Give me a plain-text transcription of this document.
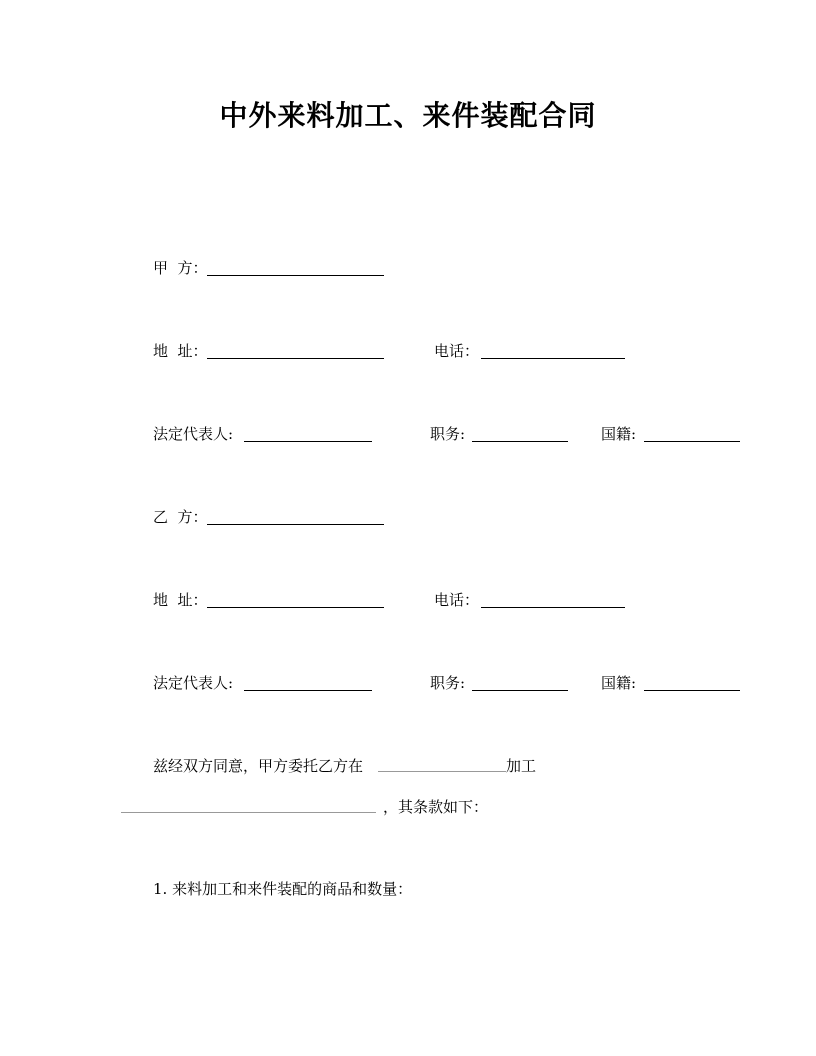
中外来料加工、来件装配合同
甲  方：
地  址：	电话：
法定代表人:	职务:	国籍:
乙  方：
地  址：	电话：
法定代表人:	职务:	国籍:
兹经双方同意，甲方委托乙方在	加工
，其条款如下：
1. 来料加工和来件装配的商品和数量：
